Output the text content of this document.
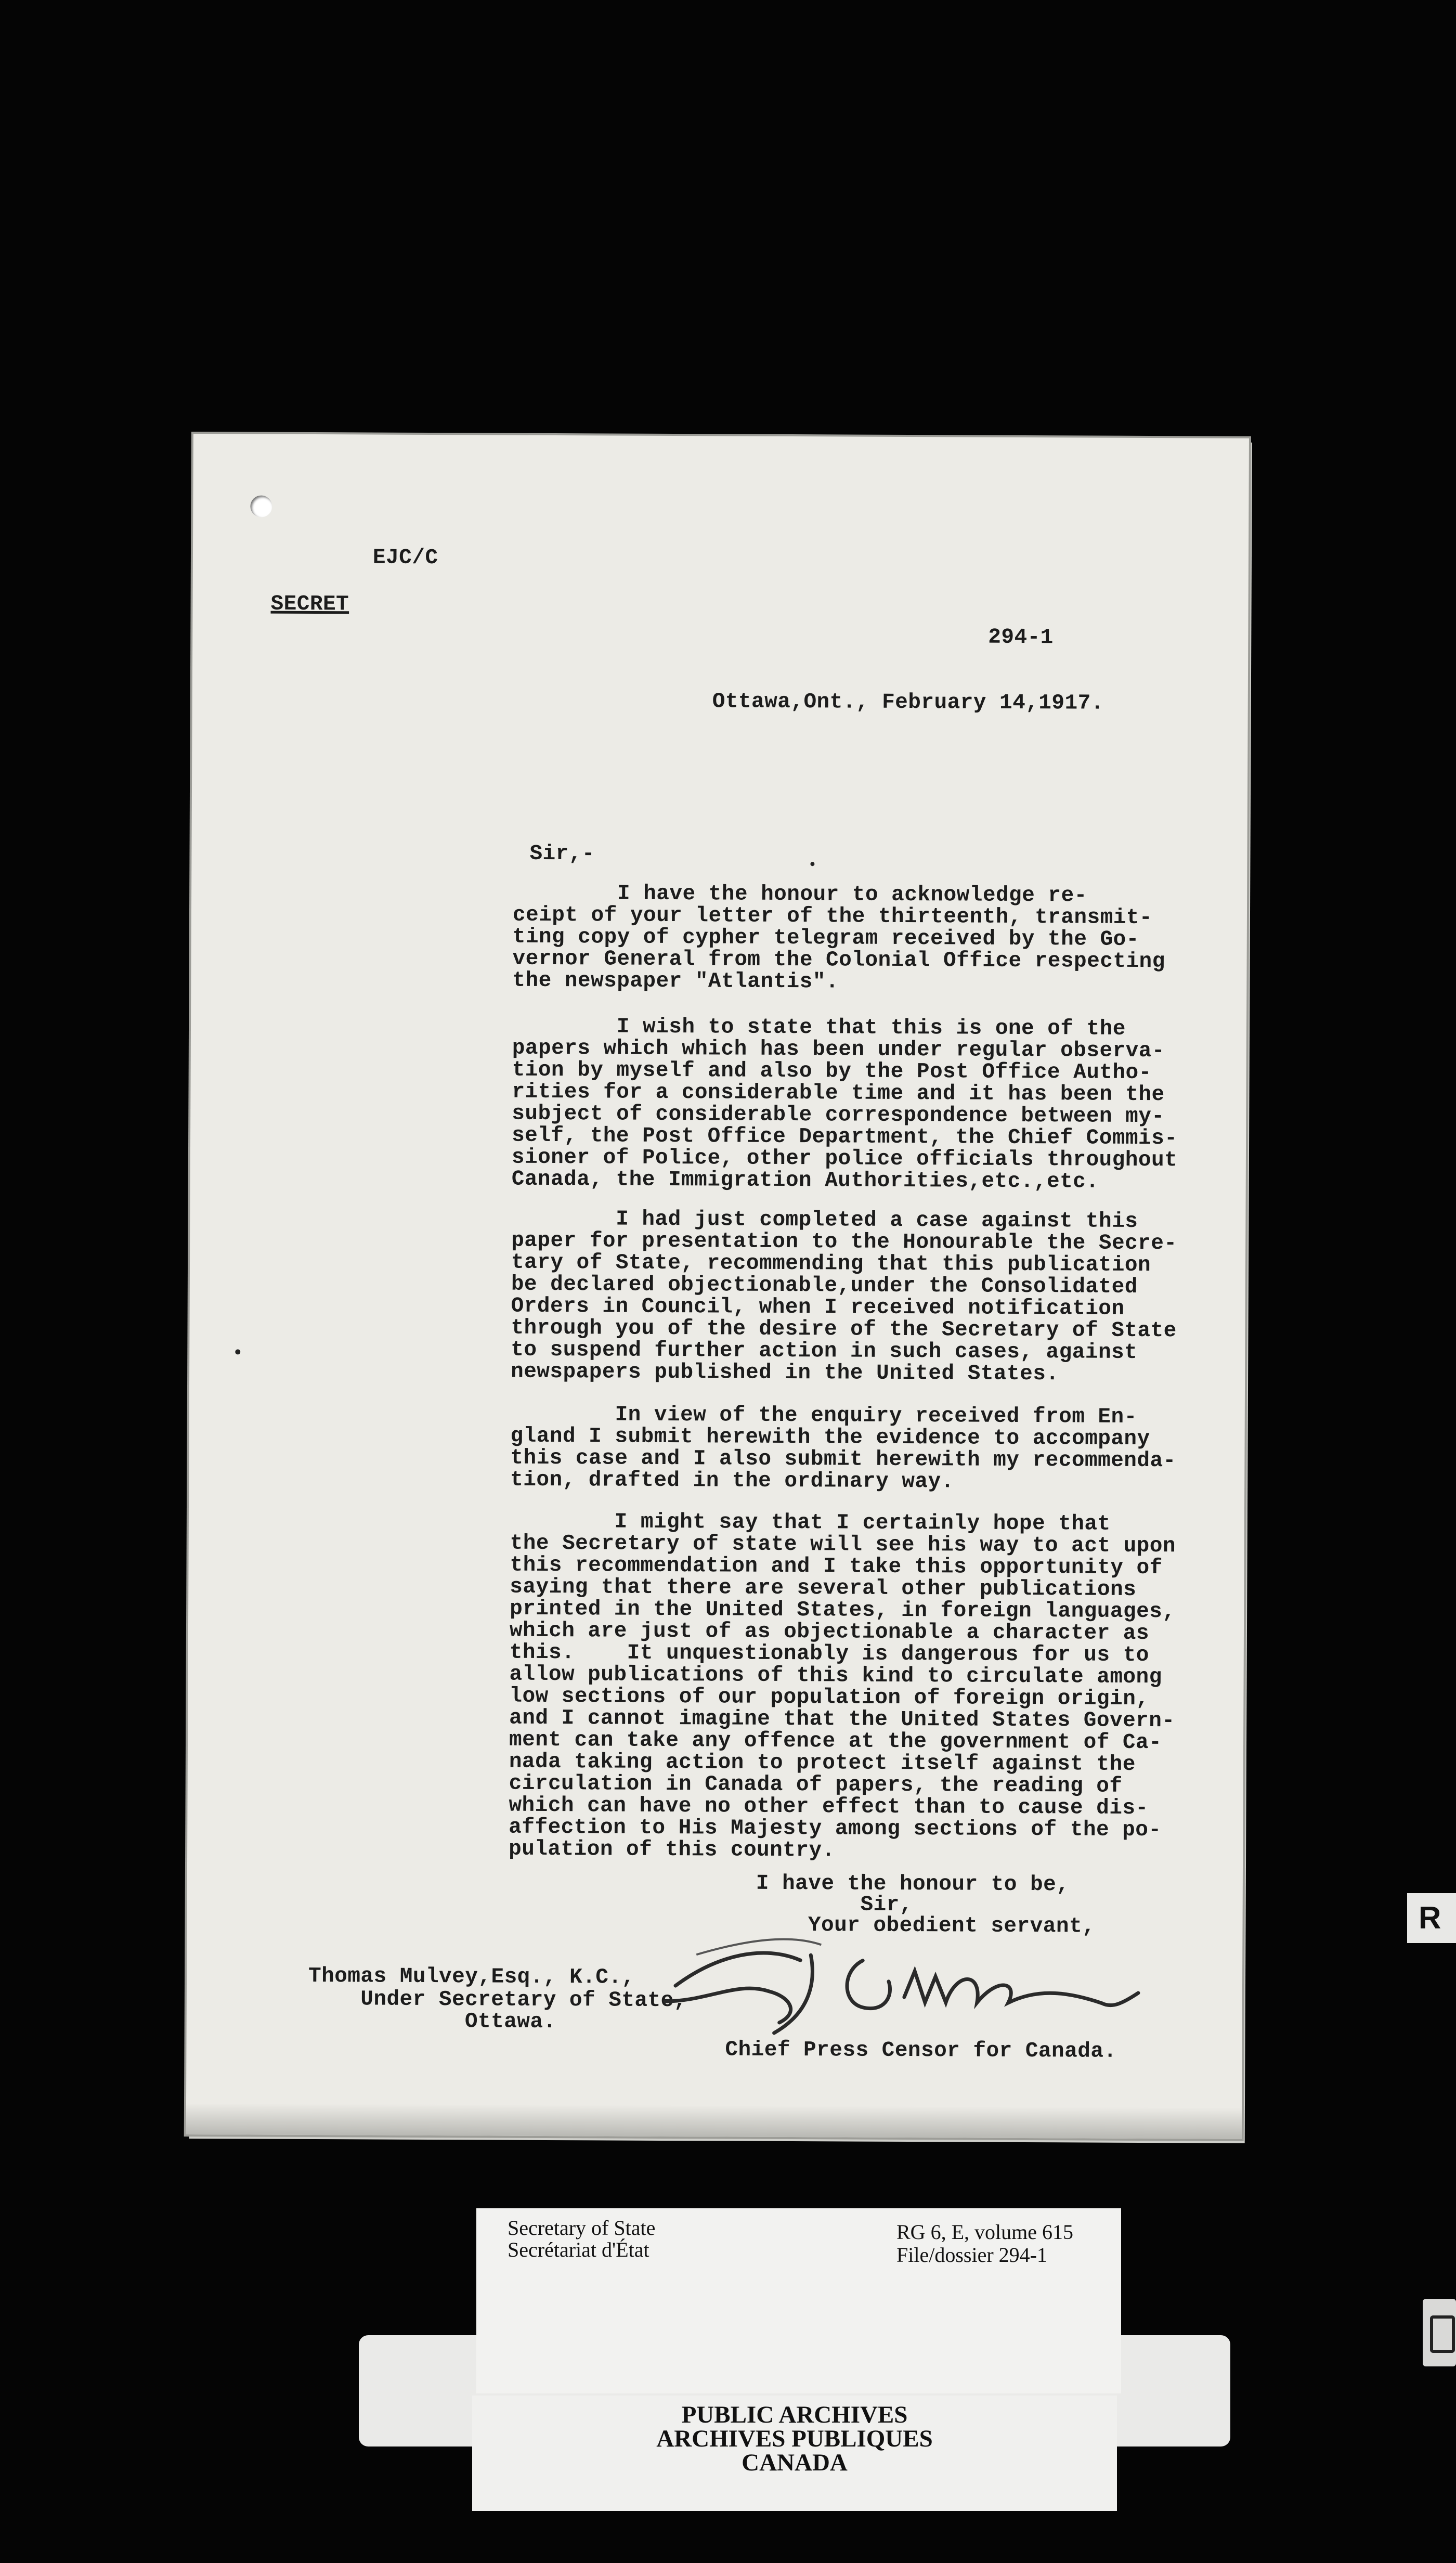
EJC/C
SECRET
294-1
Ottawa,Ont., February 14,1917.
Sir,-
I have the honour to acknowledge re-
ceipt of your letter of the thirteenth, transmit-
ting copy of cypher telegram received by the Go-
vernor General from the Colonial Office respecting
the newspaper "Atlantis".
I wish to state that this is one of the
papers which which has been under regular observa-
tion by myself and also by the Post Office Autho-
rities for a considerable time and it has been the
subject of considerable correspondence between my-
self, the Post Office Department, the Chief Commis-
sioner of Police, other police officials throughout
Canada, the Immigration Authorities,etc.,etc.
I had just completed a case against this
paper for presentation to the Honourable the Secre-
tary of State, recommending that this publication
be declared objectionable,under the Consolidated
Orders in Council, when I received notification
through you of the desire of the Secretary of State
to suspend further action in such cases, against
newspapers published in the United States.
In view of the enquiry received from En-
gland I submit herewith the evidence to accompany
this case and I also submit herewith my recommenda-
tion, drafted in the ordinary way.
I might say that I certainly hope that
the Secretary of state will see his way to act upon
this recommendation and I take this opportunity of
saying that there are several other publications
printed in the United States, in foreign languages,
which are just of as objectionable a character as
this.    It unquestionably is dangerous for us to
allow publications of this kind to circulate among
low sections of our population of foreign origin,
and I cannot imagine that the United States Govern-
ment can take any offence at the government of Ca-
nada taking action to protect itself against the
circulation in Canada of papers, the reading of
which can have no other effect than to cause dis-
affection to His Majesty among sections of the po-
pulation of this country.
I have the honour to be,
Sir,
Your obedient servant,
Thomas Mulvey,Esq., K.C.,
Under Secretary of State,
Ottawa.
Chief Press Censor for Canada.
PUBLIC ARCHIVES
ARCHIVES PUBLIQUES
CANADA
Secretary of State
Secrétariat d'État
RG 6, E, volume 615
File/dossier 294-1
R
